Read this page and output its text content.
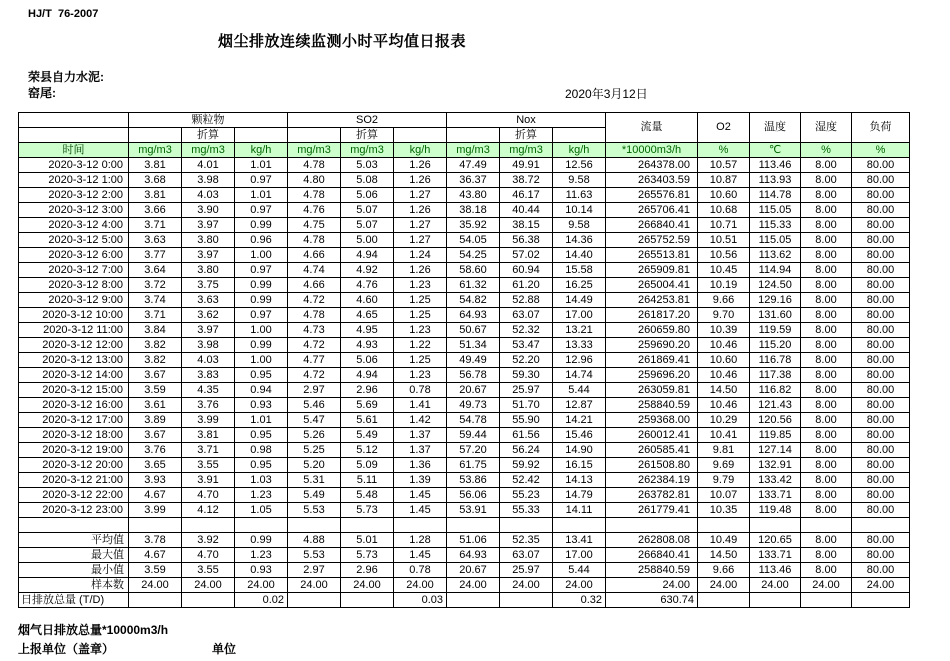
HJ/T  76-2007
烟尘排放连续监测小时平均值日报表
荣县自力水泥:
窑尾:	2020年3月12日
	颗粒物			SO2			Nox			流量	O2	温度	湿度	负荷
		折算			折算			折算						
时间	mg/m3	mg/m3	kg/h	mg/m3	mg/m3	kg/h	mg/m3	mg/m3	kg/h	*10000m3/h	%	℃	%	%
2020-3-12 0:00	3.81	4.01	1.01	4.78	5.03	1.26	47.49	49.91	12.56	264378.00	10.57	113.46	8.00	80.00
2020-3-12 1:00	3.68	3.98	0.97	4.80	5.08	1.26	36.37	38.72	9.58	263403.59	10.87	113.93	8.00	80.00
2020-3-12 2:00	3.81	4.03	1.01	4.78	5.06	1.27	43.80	46.17	11.63	265576.81	10.60	114.78	8.00	80.00
2020-3-12 3:00	3.66	3.90	0.97	4.76	5.07	1.26	38.18	40.44	10.14	265706.41	10.68	115.05	8.00	80.00
2020-3-12 4:00	3.71	3.97	0.99	4.75	5.07	1.27	35.92	38.15	9.58	266840.41	10.71	115.33	8.00	80.00
2020-3-12 5:00	3.63	3.80	0.96	4.78	5.00	1.27	54.05	56.38	14.36	265752.59	10.51	115.05	8.00	80.00
2020-3-12 6:00	3.77	3.97	1.00	4.66	4.94	1.24	54.25	57.02	14.40	265513.81	10.56	113.62	8.00	80.00
2020-3-12 7:00	3.64	3.80	0.97	4.74	4.92	1.26	58.60	60.94	15.58	265909.81	10.45	114.94	8.00	80.00
2020-3-12 8:00	3.72	3.75	0.99	4.66	4.76	1.23	61.32	61.20	16.25	265004.41	10.19	124.50	8.00	80.00
2020-3-12 9:00	3.74	3.63	0.99	4.72	4.60	1.25	54.82	52.88	14.49	264253.81	9.66	129.16	8.00	80.00
2020-3-12 10:00	3.71	3.62	0.97	4.78	4.65	1.25	64.93	63.07	17.00	261817.20	9.70	131.60	8.00	80.00
2020-3-12 11:00	3.84	3.97	1.00	4.73	4.95	1.23	50.67	52.32	13.21	260659.80	10.39	119.59	8.00	80.00
2020-3-12 12:00	3.82	3.98	0.99	4.72	4.93	1.22	51.34	53.47	13.33	259690.20	10.46	115.20	8.00	80.00
2020-3-12 13:00	3.82	4.03	1.00	4.77	5.06	1.25	49.49	52.20	12.96	261869.41	10.60	116.78	8.00	80.00
2020-3-12 14:00	3.67	3.83	0.95	4.72	4.94	1.23	56.78	59.30	14.74	259696.20	10.46	117.38	8.00	80.00
2020-3-12 15:00	3.59	4.35	0.94	2.97	2.96	0.78	20.67	25.97	5.44	263059.81	14.50	116.82	8.00	80.00
2020-3-12 16:00	3.61	3.76	0.93	5.46	5.69	1.41	49.73	51.70	12.87	258840.59	10.46	121.43	8.00	80.00
2020-3-12 17:00	3.89	3.99	1.01	5.47	5.61	1.42	54.78	55.90	14.21	259368.00	10.29	120.56	8.00	80.00
2020-3-12 18:00	3.67	3.81	0.95	5.26	5.49	1.37	59.44	61.56	15.46	260012.41	10.41	119.85	8.00	80.00
2020-3-12 19:00	3.76	3.71	0.98	5.25	5.12	1.37	57.20	56.24	14.90	260585.41	9.81	127.14	8.00	80.00
2020-3-12 20:00	3.65	3.55	0.95	5.20	5.09	1.36	61.75	59.92	16.15	261508.80	9.69	132.91	8.00	80.00
2020-3-12 21:00	3.93	3.91	1.03	5.31	5.11	1.39	53.86	52.42	14.13	262384.19	9.79	133.42	8.00	80.00
2020-3-12 22:00	4.67	4.70	1.23	5.49	5.48	1.45	56.06	55.23	14.79	263782.81	10.07	133.71	8.00	80.00
2020-3-12 23:00	3.99	4.12	1.05	5.53	5.73	1.45	53.91	55.33	14.11	261779.41	10.35	119.48	8.00	80.00

平均值	3.78	3.92	0.99	4.88	5.01	1.28	51.06	52.35	13.41	262808.08	10.49	120.65	8.00	80.00
最大值	4.67	4.70	1.23	5.53	5.73	1.45	64.93	63.07	17.00	266840.41	14.50	133.71	8.00	80.00
最小值	3.59	3.55	0.93	2.97	2.96	0.78	20.67	25.97	5.44	258840.59	9.66	113.46	8.00	80.00
样本数	24.00	24.00	24.00	24.00	24.00	24.00	24.00	24.00	24.00	24.00	24.00	24.00	24.00	24.00
日排放总量 (T/D)			0.02			0.03			0.32	630.74				
烟气日排放总量*10000m3/h
上报单位（盖章）	单位
